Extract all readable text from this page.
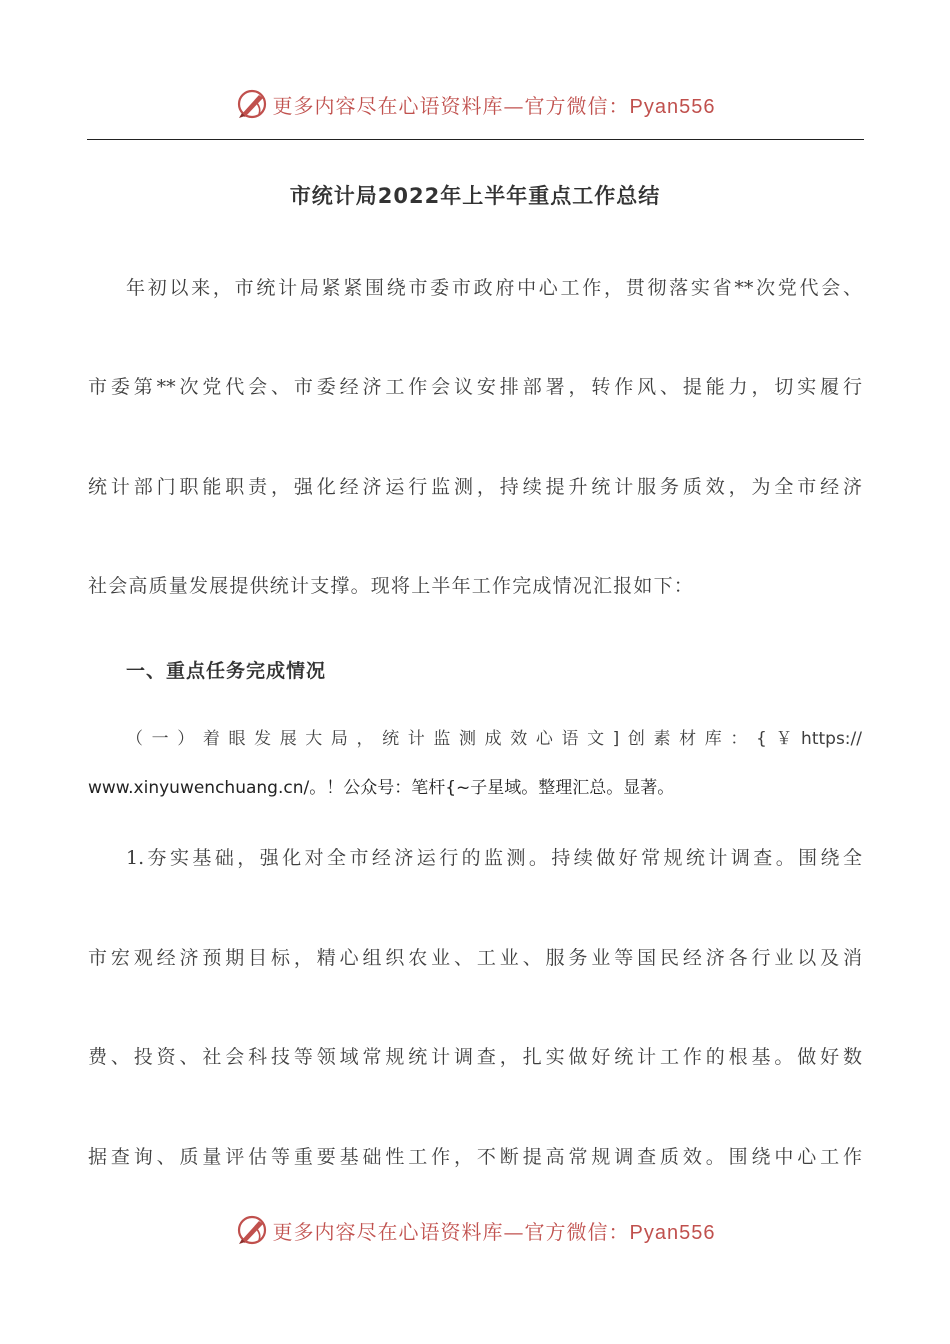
更多内容尽在心语资料库—官方微信：Pyan556
市统计局2022年上半年重点工作总结
年初以来，市统计局紧紧围绕市委市政府中心工作，贯彻落实省**次党代会、
市委第**次党代会、市委经济工作会议安排部署，转作风、提能力，切实履行
统计部门职能职责，强化经济运行监测，持续提升统计服务质效，为全市经济
社会高质量发展提供统计支撑。现将上半年工作完成情况汇报如下：
一、重点任务完成情况
（一）着眼发展大局，统计监测成效心语文]创素材库：{￥https://
www.xinyuwenchuang.cn/。！公众号：笔杆{~子星域。整理汇总。显著。
1.夯实基础，强化对全市经济运行的监测。持续做好常规统计调查。围绕全
市宏观经济预期目标，精心组织农业、工业、服务业等国民经济各行业以及消
费、投资、社会科技等领域常规统计调查，扎实做好统计工作的根基。做好数
据查询、质量评估等重要基础性工作，不断提高常规调查质效。围绕中心工作
更多内容尽在心语资料库—官方微信：Pyan556
